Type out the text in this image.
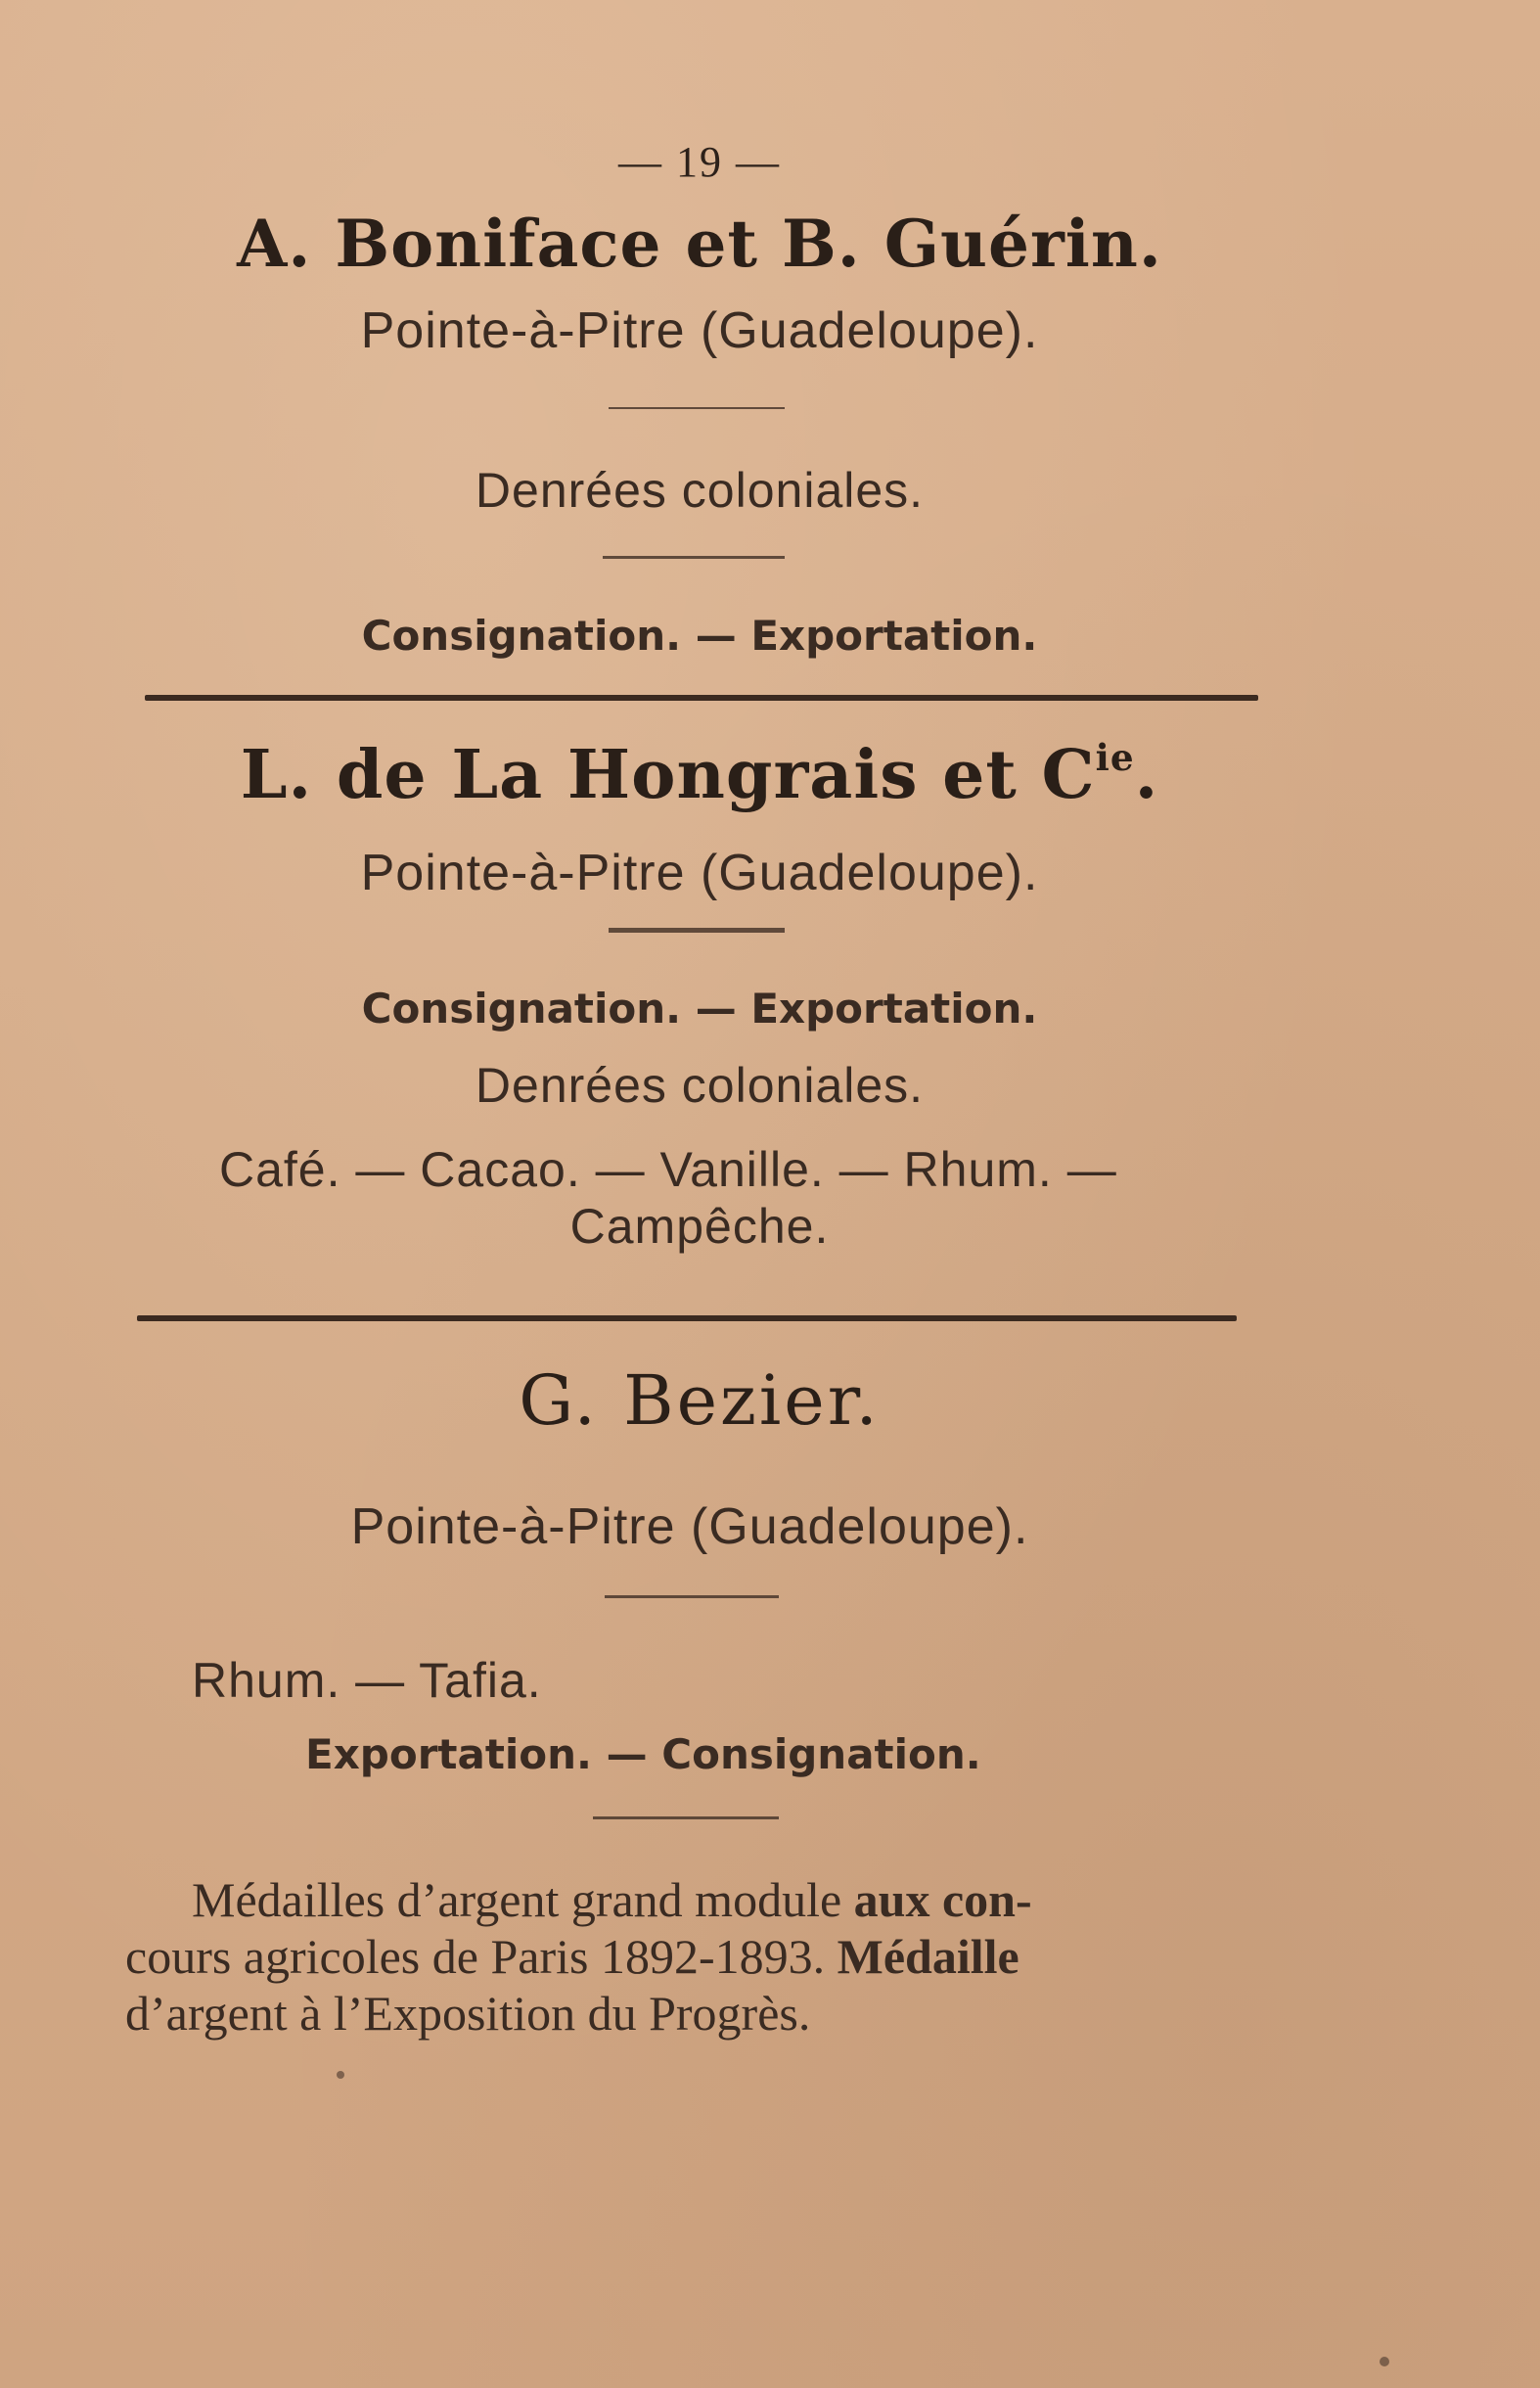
— 19 —
A. Boniface et B. Guérin.
Pointe-à-Pitre (Guadeloupe).
Denrées coloniales.
Consignation. — Exportation.
L. de La Hongrais et $C^{ie}$.
Pointe-à-Pitre (Guadeloupe).
Consignation. — Exportation.
Denrées coloniales.
Café. — Cacao. — Vanille. — Rhum. —
Campêche.
G. Bezier.
Pointe-à-Pitre (Guadeloupe).
Rhum. — Tafia.
Exportation. — Consignation.
Médailles d’argent grand module aux con-
cours agricoles de Paris 1892-1893. Médaille
d’argent à l’Exposition du Progrès.
